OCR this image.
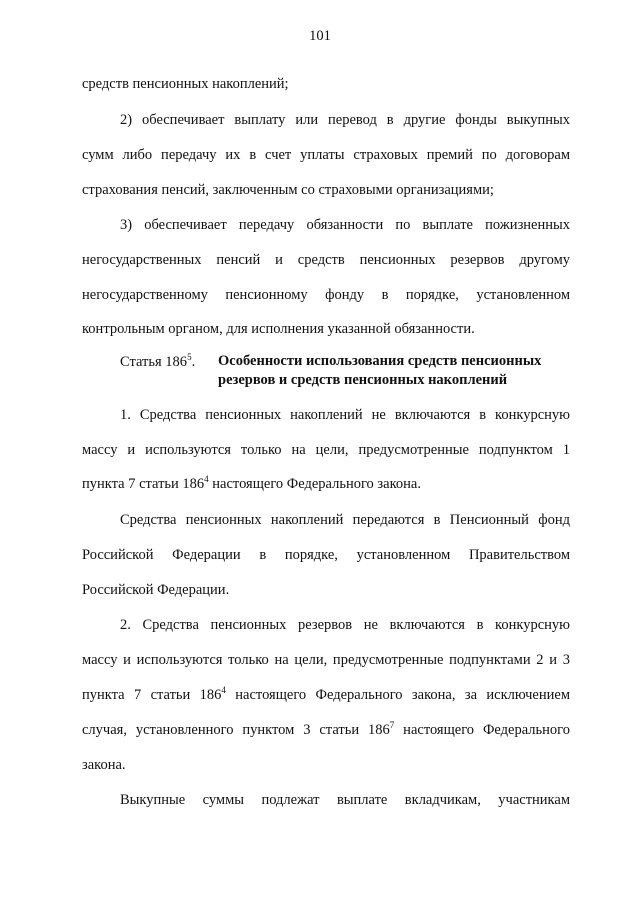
101
средств пенсионных накоплений;
2) обеспечивает выплату или перевод в другие фонды выкупных
сумм либо передачу их в счет уплаты страховых премий по договорам
страхования пенсий, заключенным со страховыми организациями;
3) обеспечивает передачу обязанности по выплате пожизненных
негосударственных пенсий и средств пенсионных резервов другому
негосударственному пенсионному фонду в порядке, установленном
контрольным органом, для исполнения указанной обязанности.
Статья $186^5$. Особенности использования средств пенсионных
резервов и средств пенсионных накоплений
1. Средства пенсионных накоплений не включаются в конкурсную
массу и используются только на цели, предусмотренные подпунктом 1
пункта 7 статьи $186^4$ настоящего Федерального закона.
Средства пенсионных накоплений передаются в Пенсионный фонд
Российской Федерации в порядке, установленном Правительством
Российской Федерации.
2. Средства пенсионных резервов не включаются в конкурсную
массу и используются только на цели, предусмотренные подпунктами 2 и 3
пункта 7 статьи $186^4$ настоящего Федерального закона, за исключением
случая, установленного пунктом 3 статьи $186^7$ настоящего Федерального
закона.
Выкупные суммы подлежат выплате вкладчикам, участникам
